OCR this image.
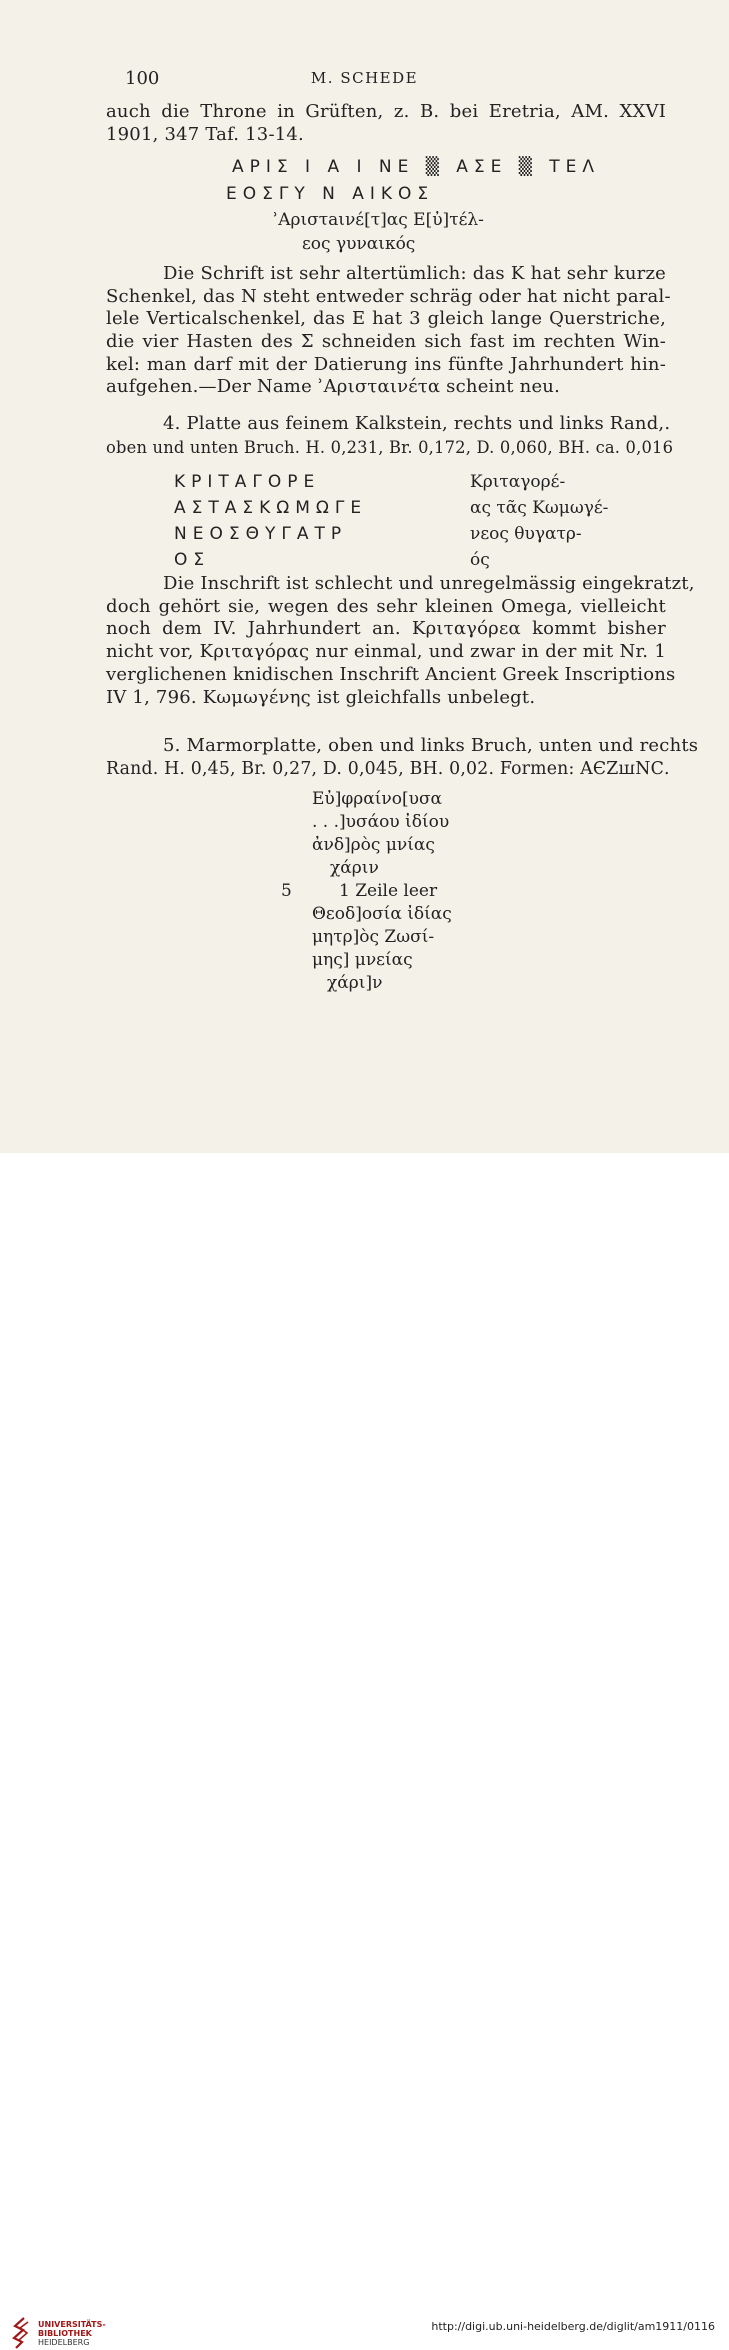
100	M. SCHEDE
auch die Throne in Grüften, z. B. bei Eretria, AM. XXVI
1901, 347 Taf. 13-14.
ΑΡΙΣ Ι Α Ι ΝΕ ▒ ΑΣΕ ▒ ΤΕΛ
ΕΟΣΓΥ Ν ΑΙΚΟΣ
ʾΑριστaινέ[τ]ας Ε[ὐ]τέλ-
εος γυναικός
Die Schrift ist sehr altertümlich: das K hat sehr kurze
Schenkel, das N steht entweder schräg oder hat nicht paral-
lele Verticalschenkel, das E hat 3 gleich lange Querstriche,
die vier Hasten des Σ schneiden sich fast im rechten Win-
kel: man darf mit der Datierung ins fünfte Jahrhundert hin-
aufgehen.—Der Name ʾΑρισταινέτα scheint neu.
4. Platte aus feinem Kalkstein, rechts und links Rand,.
oben und unten Bruch. H. 0,231, Br. 0,172, D. 0,060, BH. ca. 0,016
ΚΡΙΤΑΓΟΡΕ
ΑΣΤΑΣΚΩΜΩΓΕ
ΝΕΟΣΘΥΓΑΤΡ
ΟΣ
Κριταγορέ-
ας τᾶς Κωμωγέ-
νεος θυγατρ-
ός
Die Inschrift ist schlecht und unregelmässig eingekratzt,
doch gehört sie, wegen des sehr kleinen Omega, vielleicht
noch dem IV. Jahrhundert an. Κριταγόρεα kommt bisher
nicht vor, Κριταγόρας nur einmal, und zwar in der mit Nr. 1
verglichenen knidischen Inschrift Ancient Greek Inscriptions
IV 1, 796. Κωμωγένης ist gleichfalls unbelegt.
5. Marmorplatte, oben und links Bruch, unten und rechts
Rand. H. 0,45, Br. 0,27, D. 0,045, BH. 0,02. Formen: ΑЄΖꟺΝϹ.
Εὐ]φραίνο[υσα
. . .]υσάου ἰδίου
ἀνδ]ρὸς μνίας
χάριν
5	1 Zeile leer
Θεοδ]οσία ἰδίας
μητρ]ὸς Ζωσί-
μης] μνείας
χάρι]ν
UNIVERSITÄTS-
BIBLIOTHEK
HEIDELBERG
http://digi.ub.uni-heidelberg.de/diglit/am1911/0116
